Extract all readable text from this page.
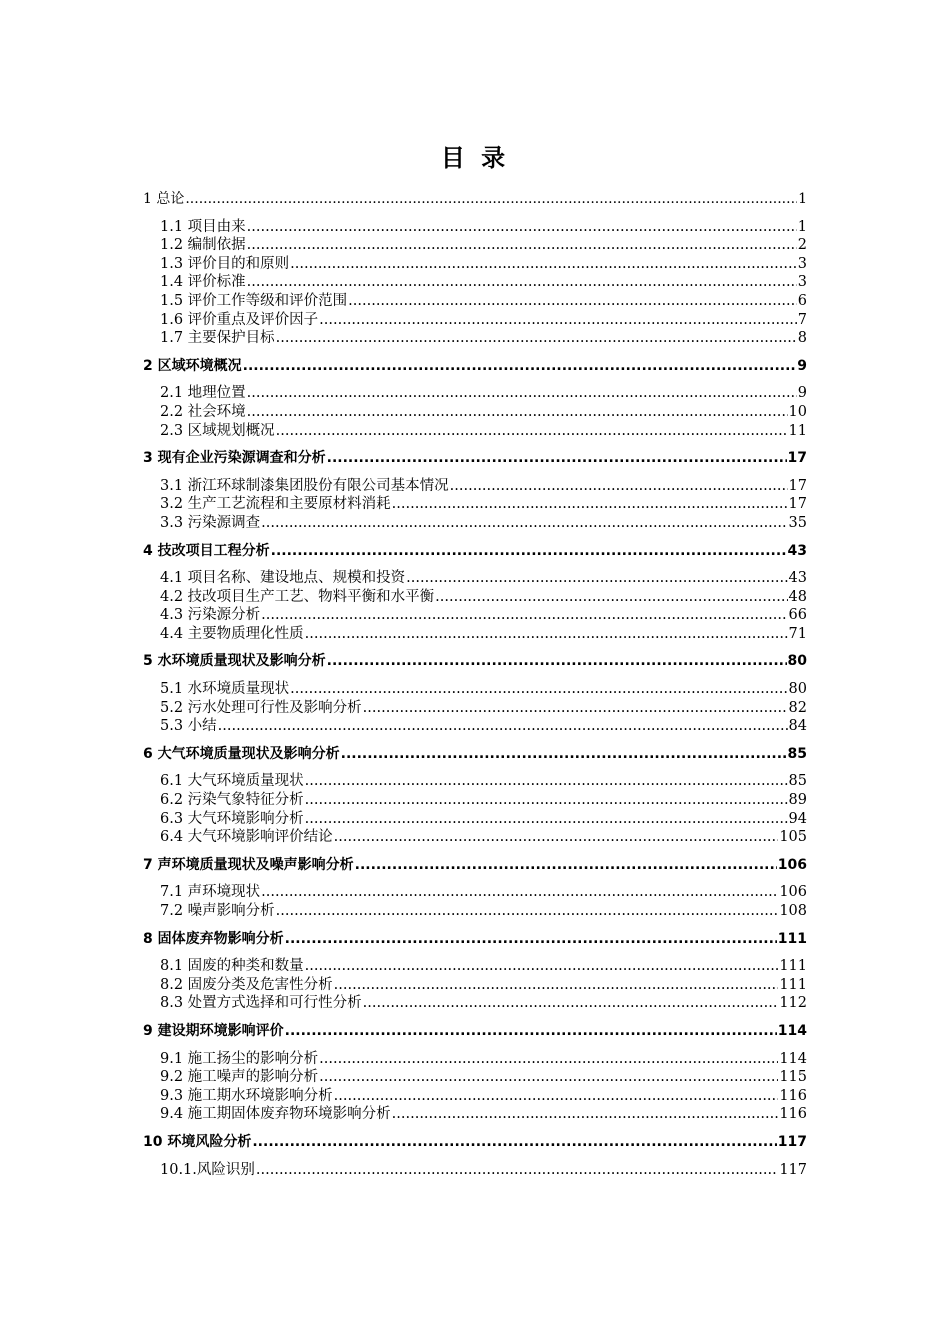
目 录
1 总论 .....	1
1.1 项目由来 .....	1
1.2 编制依据 .....	2
1.3 评价目的和原则 .....	3
1.4 评价标准 .....	3
1.5 评价工作等级和评价范围 .....	6
1.6 评价重点及评价因子 .....	7
1.7 主要保护目标 .....	8
2 区域环境概况 .....	9
2.1 地理位置 .....	9
2.2 社会环境 .....	10
2.3 区域规划概况 .....	11
3 现有企业污染源调查和分析 .....	17
3.1 浙江环球制漆集团股份有限公司基本情况 .....	17
3.2 生产工艺流程和主要原材料消耗 .....	17
3.3 污染源调查 .....	35
4 技改项目工程分析 .....	43
4.1 项目名称、建设地点、规模和投资 .....	43
4.2 技改项目生产工艺、物料平衡和水平衡 .....	48
4.3 污染源分析 .....	66
4.4 主要物质理化性质 .....	71
5 水环境质量现状及影响分析 .....	80
5.1 水环境质量现状 .....	80
5.2 污水处理可行性及影响分析 .....	82
5.3 小结 .....	84
6 大气环境质量现状及影响分析 .....	85
6.1 大气环境质量现状 .....	85
6.2 污染气象特征分析 .....	89
6.3 大气环境影响分析 .....	94
6.4 大气环境影响评价结论 .....	105
7 声环境质量现状及噪声影响分析 .....	106
7.1 声环境现状 .....	106
7.2 噪声影响分析 .....	108
8 固体废弃物影响分析 .....	111
8.1 固废的种类和数量 .....	111
8.2 固废分类及危害性分析 .....	111
8.3 处置方式选择和可行性分析 .....	112
9 建设期环境影响评价 .....	114
9.1 施工扬尘的影响分析 .....	114
9.2 施工噪声的影响分析 .....	115
9.3 施工期水环境影响分析 .....	116
9.4 施工期固体废弃物环境影响分析 .....	116
10 环境风险分析 .....	117
10.1.风险识别 .....	117
